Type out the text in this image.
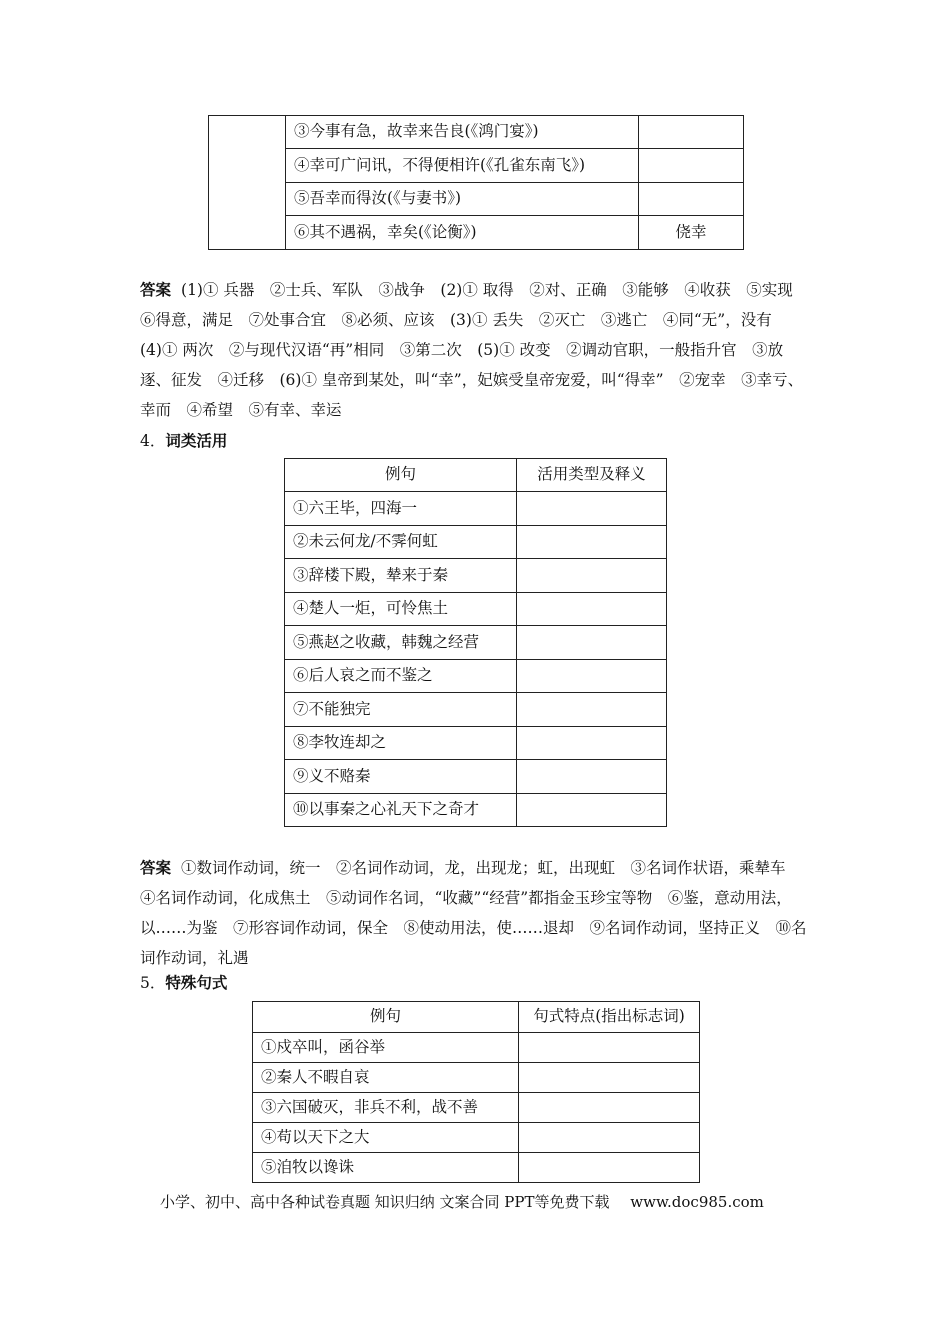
	③今事有急，故幸来告良(《鸿门宴》)	
	④幸可广问讯，不得便相许(《孔雀东南飞》)	
	⑤吾幸而得汝(《与妻书》)	
	⑥其不遇祸，幸矣(《论衡》)	侥幸
答案 (1)① 兵器　②士兵、军队　③战争　(2)① 取得　②对、正确　③能够　④收获　⑤实现　⑥得意，满足　⑦处事合宜　⑧必须、应该　(3)① 丢失　②灭亡　③逃亡　④同“无”，没有　(4)① 两次　②与现代汉语“再”相同　③第二次　(5)① 改变　②调动官职，一般指升官　③放逐、征发　④迁移　(6)① 皇帝到某处，叫“幸”，妃嫔受皇帝宠爱，叫“得幸”　②宠幸　③幸亏、幸而　④希望　⑤有幸、幸运
4．词类活用
例句	活用类型及释义
①六王毕，四海一	
②未云何龙/不霁何虹	
③辞楼下殿，辇来于秦	
④楚人一炬，可怜焦土	
⑤燕赵之收藏，韩魏之经营	
⑥后人哀之而不鉴之	
⑦不能独完	
⑧李牧连却之	
⑨义不赂秦	
⑩以事秦之心礼天下之奇才	
答案 ①数词作动词，统一　②名词作动词，龙，出现龙；虹，出现虹　③名词作状语，乘辇车　④名词作动词，化成焦土　⑤动词作名词，“收藏”“经营”都指金玉珍宝等物　⑥鉴，意动用法，以……为鉴　⑦形容词作动词，保全　⑧使动用法，使……退却　⑨名词作动词，坚持正义　⑩名词作动词，礼遇
5．特殊句式
例句	句式特点(指出标志词)
①戍卒叫，函谷举	
②秦人不暇自哀	
③六国破灭，非兵不利，战不善	
④苟以天下之大	
⑤洎牧以谗诛	
小学、初中、高中各种试卷真题 知识归纳 文案合同 PPT等免费下载 www.doc985.com
